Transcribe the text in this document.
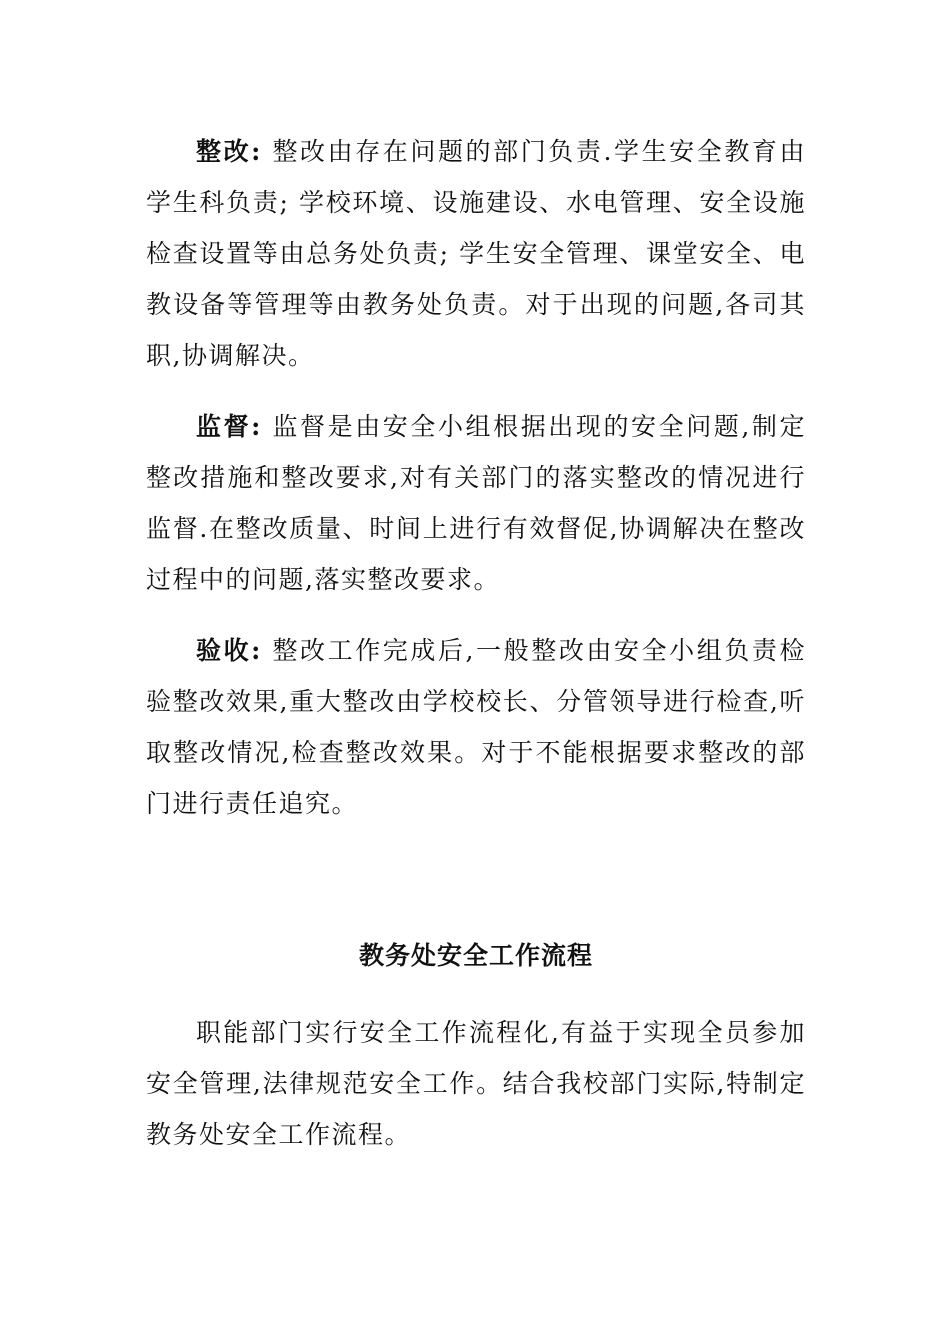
整改: 整改由存在问题的部门负责.学生安全教育由学生科负责; 学校环境、设施建设、水电管理、安全设施检查设置等由总务处负责; 学生安全管理、课堂安全、电教设备等管理等由教务处负责。对于出现的问题,各司其职,协调解决。

监督: 监督是由安全小组根据出现的安全问题,制定整改措施和整改要求,对有关部门的落实整改的情况进行监督.在整改质量、时间上进行有效督促,协调解决在整改过程中的问题,落实整改要求。

验收: 整改工作完成后,一般整改由安全小组负责检验整改效果,重大整改由学校校长、分管领导进行检查,听取整改情况,检查整改效果。对于不能根据要求整改的部门进行责任追究。

教务处安全工作流程

职能部门实行安全工作流程化,有益于实现全员参加安全管理,法律规范安全工作。结合我校部门实际,特制定教务处安全工作流程。
